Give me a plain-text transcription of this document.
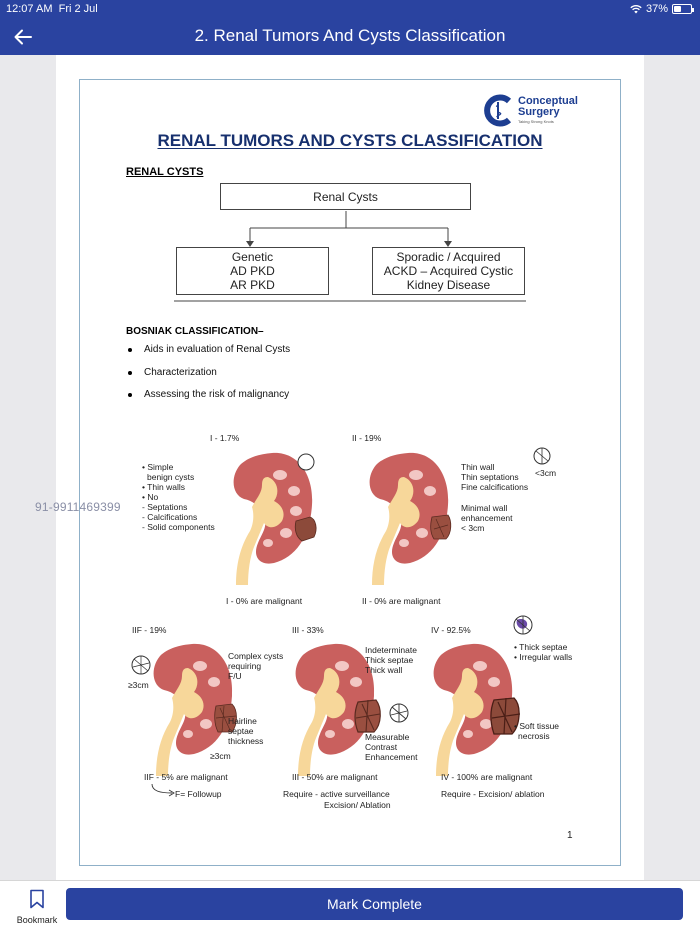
12:07 AM Fri 2 Jul	37%
2. Renal Tumors And Cysts Classification
Conceptual
Surgery
Taking Strong Knots
RENAL TUMORS AND CYSTS CLASSIFICATION
RENAL CYSTS
Renal Cysts
Genetic
AD PKD
AR PKD
Sporadic / Acquired
ACKD – Acquired Cystic
Kidney Disease
BOSNIAK CLASSIFICATION–
Aids in evaluation of Renal Cysts
Characterization
Assessing the risk of malignancy
I - 1.7%
• Simple
benign cysts
• Thin walls
• No
- Septations
- Calcifications
- Solid components
I - 0% are malignant
II - 19%
<3cm
Thin wall
Thin septations
Fine calcifications
Minimal wall
enhancement
< 3cm
II - 0% are malignant
IIF - 19%
≥3cm
Complex cysts
requiring
F/U
Hairline
septae
thickness
≥3cm
IIF - 5% are malignant
F= Followup
III - 33%
Indeterminate
Thick septae
Thick wall
Measurable
Contrast
Enhancement
III - 50% are malignant
Require - active surveillance
Excision/ Ablation
IV - 92.5%
• Thick septae
• Irregular walls
• Soft tissue
necrosis
IV - 100% are malignant
Require - Excision/ ablation
1
91-9911469399
Bookmark
Mark Complete
